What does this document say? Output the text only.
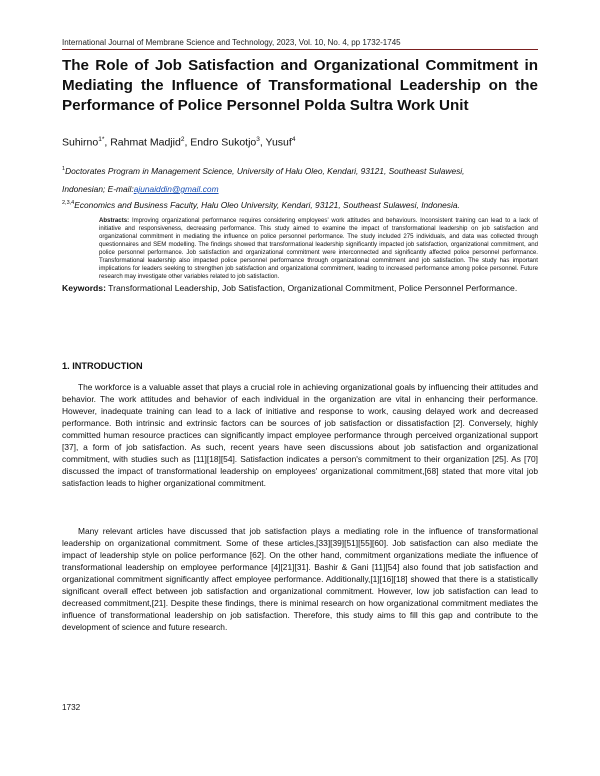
International Journal of Membrane Science and Technology, 2023, Vol. 10, No. 4, pp 1732-1745
The Role of Job Satisfaction and Organizational Commitment in Mediating the Influence of Transformational Leadership on the Performance of Police Personnel Polda Sultra Work Unit
Suhirno$^{1*}$, Rahmat Madjid$^2$, Endro Sukotjo$^3$, Yusuf$^4$
$^1$Doctorates Program in Management Science, University of Halu Oleo, Kendari, 93121, Southeast Sulawesi,
Indonesian; E-mail:ajunaiddin@gmail.com
$^{2,3,4}$Economics and Business Faculty, Halu Oleo University, Kendari, 93121, Southeast Sulawesi, Indonesia.
Abstracts: Improving organizational performance requires considering employees' work attitudes and behaviours. Inconsistent training can lead to a lack of initiative and responsiveness, decreasing performance. This study aimed to examine the impact of transformational leadership on job satisfaction and organizational commitment in mediating the influence on police personnel performance. The study included 275 individuals, and data was collected through questionnaires and SEM modelling. The findings showed that transformational leadership significantly impacted job satisfaction, organizational commitment, and police personnel performance. Job satisfaction and organizational commitment were interconnected and significantly affected police personnel performance. Transformational leadership also impacted police personnel performance through organizational commitment and job satisfaction. The study has important implications for leaders seeking to strengthen job satisfaction and organizational commitment, leading to increased performance among police personnel. Future research may investigate other variables related to job satisfaction.
Keywords: Transformational Leadership, Job Satisfaction, Organizational Commitment, Police Personnel Performance.
1. INTRODUCTION
The workforce is a valuable asset that plays a crucial role in achieving organizational goals by influencing their attitudes and behavior. The work attitudes and behavior of each individual in the organization are vital in enhancing their performance. However, inadequate training can lead to a lack of initiative and response to work, causing delayed work and decreased performance. Both intrinsic and extrinsic factors can be sources of job satisfaction or dissatisfaction [2]. Conversely, highly committed human resource practices can significantly impact employee performance through perceived organizational support [37], a form of job satisfaction. As such, recent years have seen discussions about job satisfaction and organizational commitment, with studies such as [11][18][54]. Satisfaction indicates a person's commitment to their organization [25]. As [70] discussed the impact of transformational leadership on employees' organizational commitment,[68] stated that more vital job satisfaction leads to higher organizational commitment.
Many relevant articles have discussed that job satisfaction plays a mediating role in the influence of transformational leadership on organizational commitment. Some of these articles,[33][39][51][55][60]. Job satisfaction can also mediate the impact of leadership style on police performance [62]. On the other hand, commitment organizations mediate the influence of transformational leadership on employee performance [4][21][31]. Bashir & Gani [11][54] also found that job satisfaction and organizational commitment significantly affect employee performance. Additionally,[1][16][18] showed that there is a statistically significant overall effect between job satisfaction and organizational commitment. However, low job satisfaction can lead to decreased commitment,[21]. Despite these findings, there is minimal research on how organizational commitment mediates the influence of transformational leadership on job satisfaction. Therefore, this study aims to fill this gap and contribute to the development of science and future research.
1732
